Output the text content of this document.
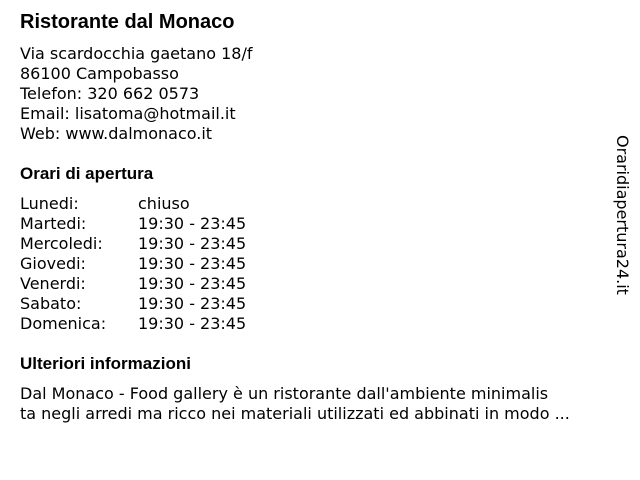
Ristorante dal Monaco
Via scardocchia gaetano 18/f
86100 Campobasso
Telefon: 320 662 0573
Email: lisatoma@hotmail.it
Web: www.dalmonaco.it
Orari di apertura
Lunedi:	chiuso
Martedi:	19:30 - 23:45
Mercoledi:	19:30 - 23:45
Giovedi:	19:30 - 23:45
Venerdi:	19:30 - 23:45
Sabato:	19:30 - 23:45
Domenica:	19:30 - 23:45
Ulteriori informazioni
Dal Monaco - Food gallery è un ristorante dall'ambiente minimalis
ta negli arredi ma ricco nei materiali utilizzati ed abbinati in modo ...
Oraridiapertura24.it
